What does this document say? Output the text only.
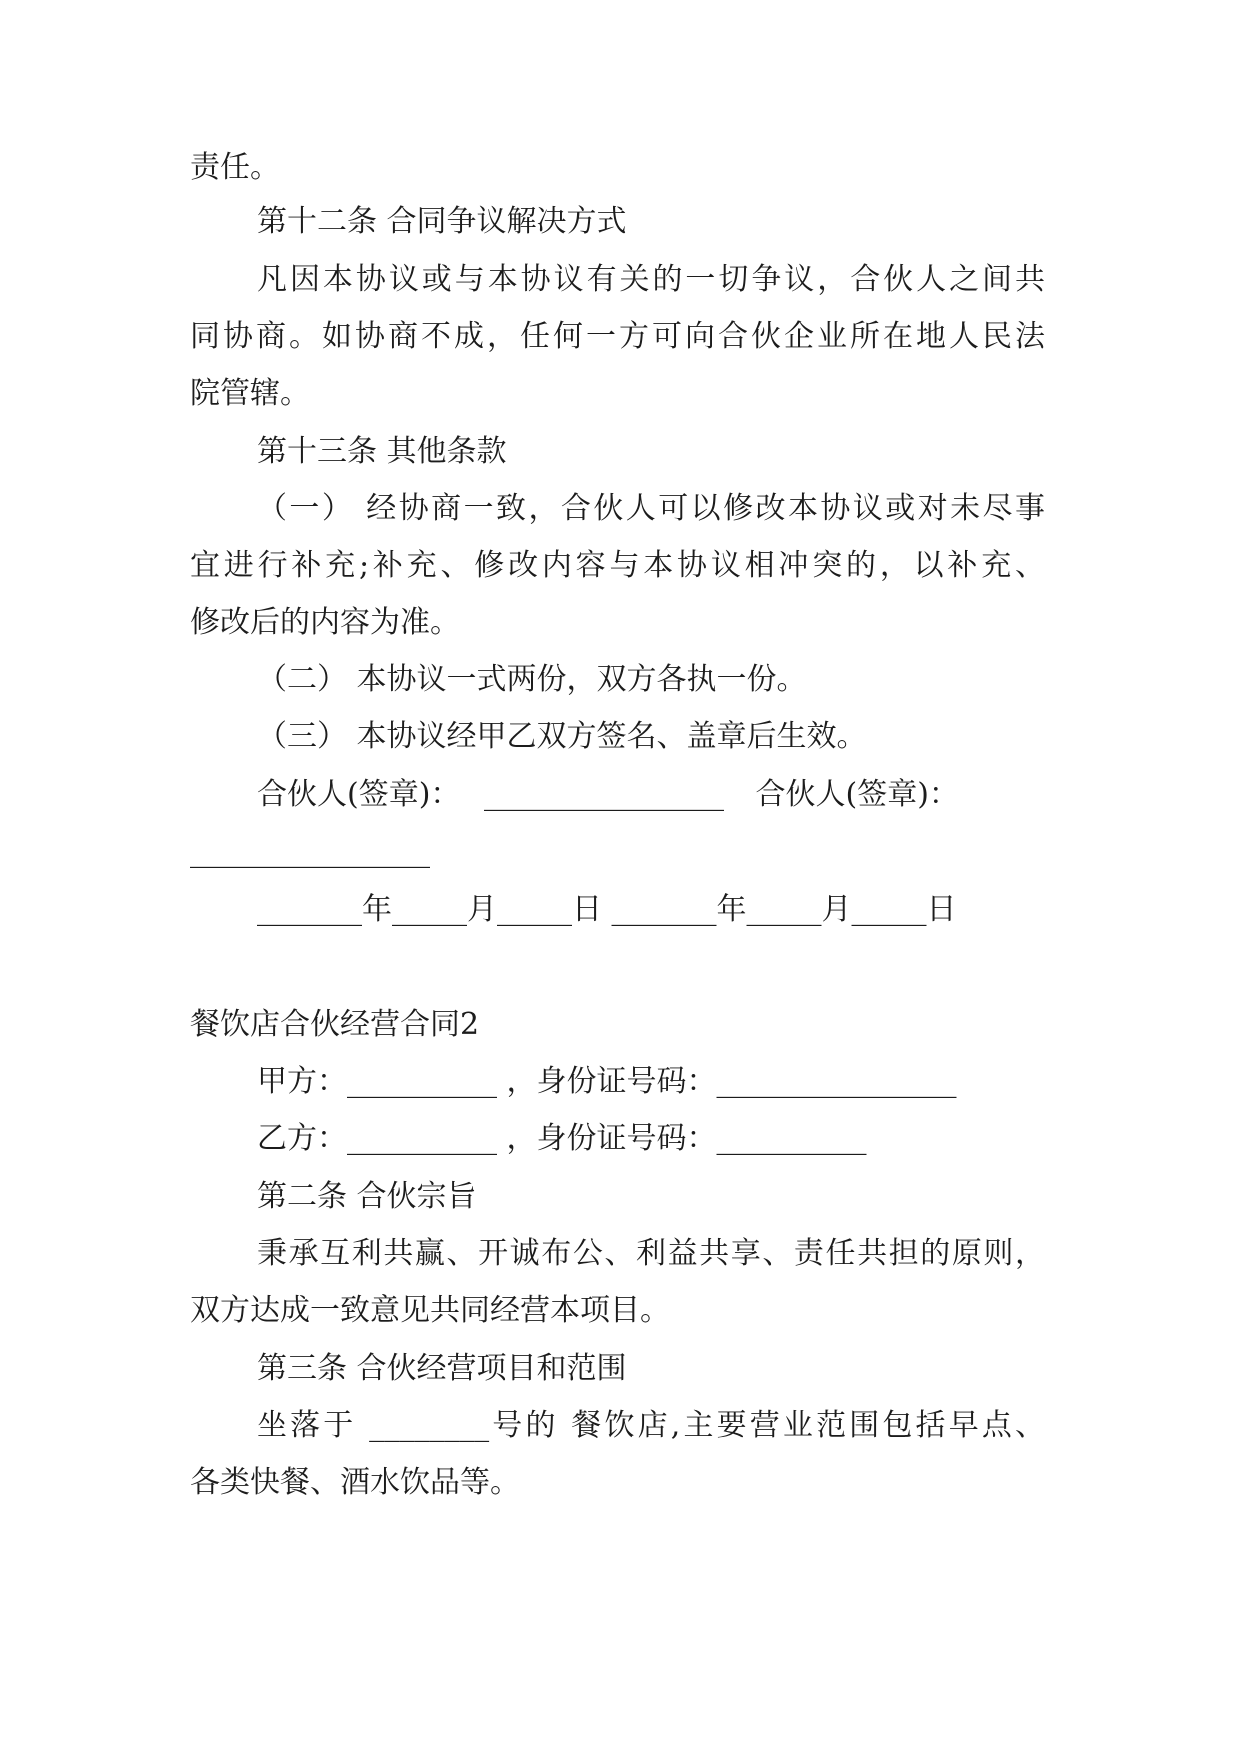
责任。
第十二条 合同争议解决方式
凡因本协议或与本协议有关的一切争议，合伙人之间共
同协商。如协商不成，任何一方可向合伙企业所在地人民法
院管辖。
第十三条 其他条款
（一） 经协商一致，合伙人可以修改本协议或对未尽事
宜进行补充;补充、修改内容与本协议相冲突的，以补充、
修改后的内容为准。
（二） 本协议一式两份，双方各执一份。
（三） 本协议经甲乙双方签名、盖章后生效。
合伙人(签章)： ________________ 合伙人(签章)：
________________
_______年_____月_____日 _______年_____月_____日
餐饮店合伙经营合同2
甲方：__________ ，身份证号码：________________
乙方：__________ ，身份证号码：__________
第二条 合伙宗旨
秉承互利共赢、开诚布公、利益共享、责任共担的原则，
双方达成一致意见共同经营本项目。
第三条 合伙经营项目和范围
坐落于 ________号的 餐饮店,主要营业范围包括早点、
各类快餐、酒水饮品等。
